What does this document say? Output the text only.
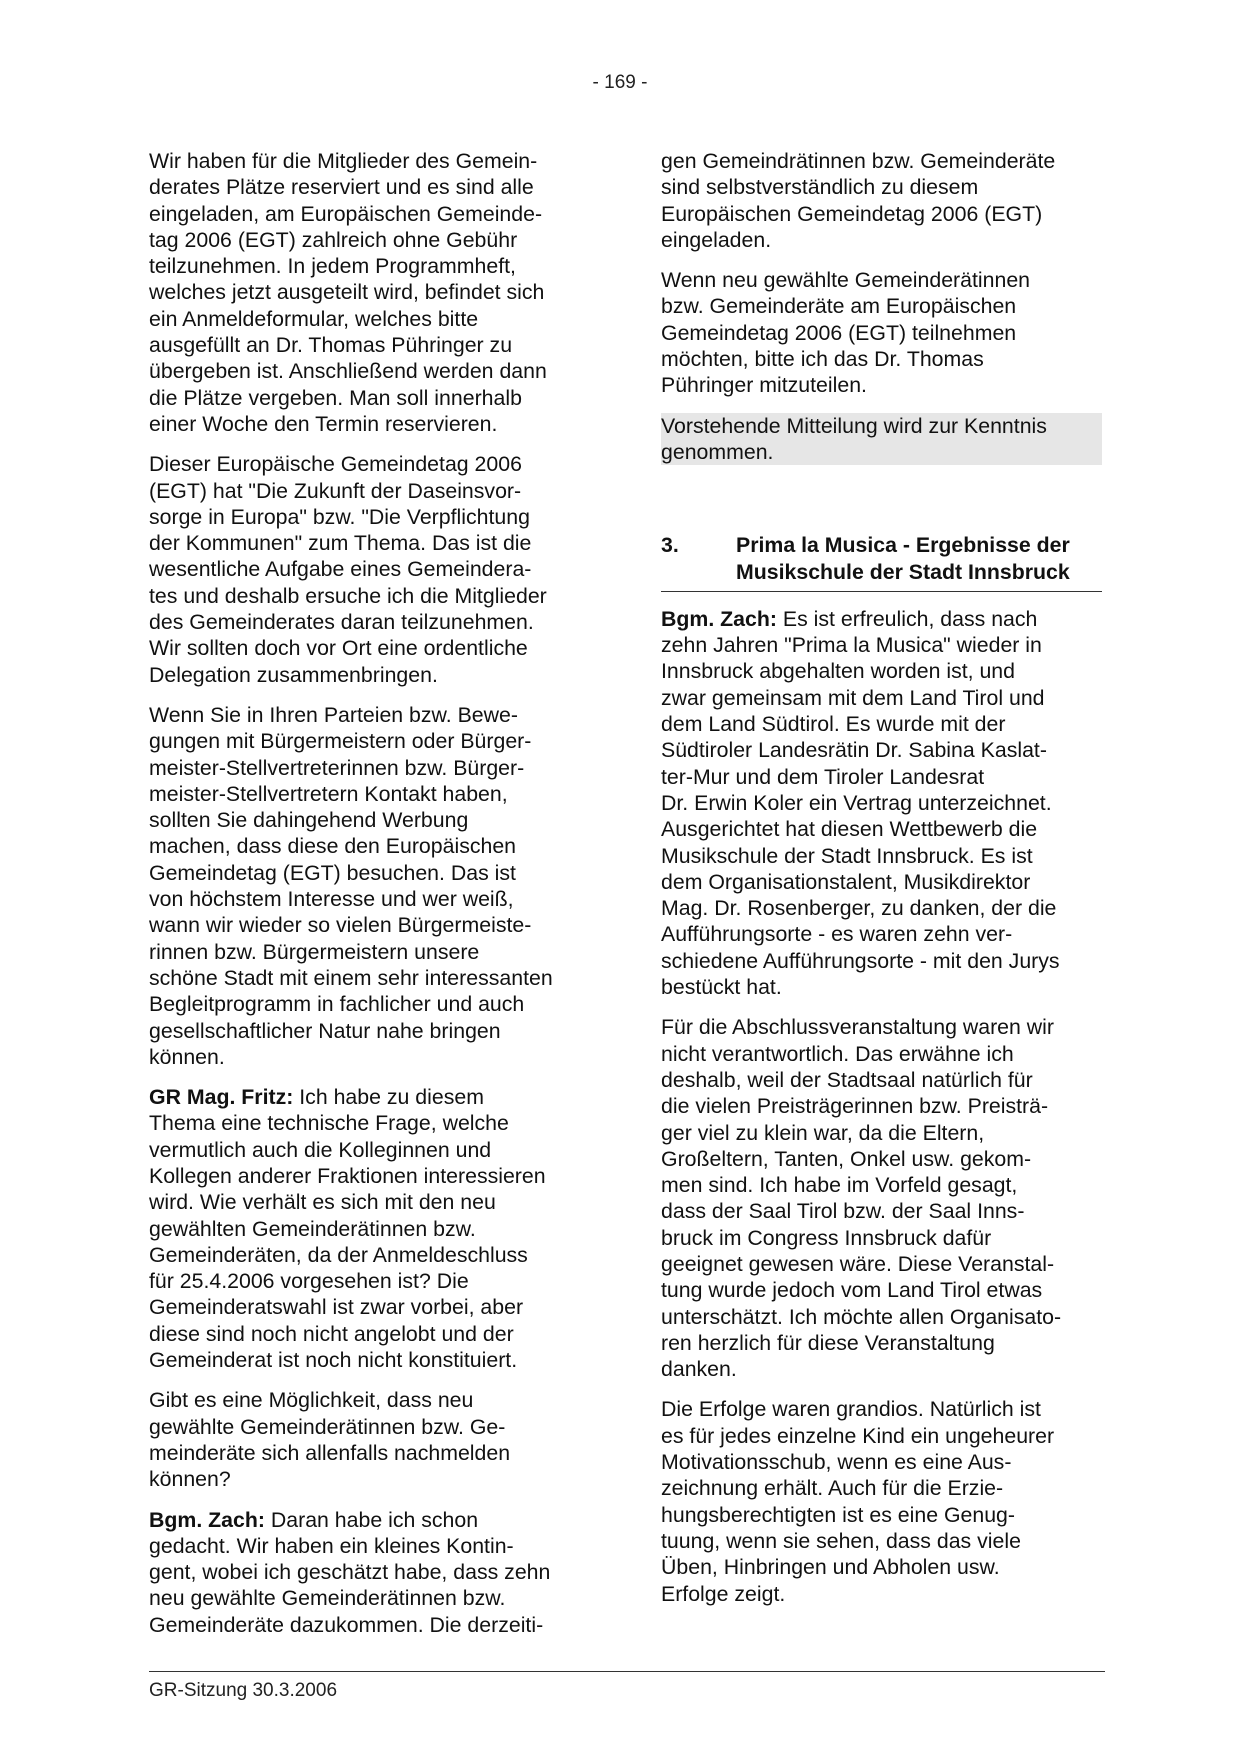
- 169 -
Wir haben für die Mitglieder des Gemein-
derates Plätze reserviert und es sind alle
eingeladen, am Europäischen Gemeinde-
tag 2006 (EGT) zahlreich ohne Gebühr
teilzunehmen. In jedem Programmheft,
welches jetzt ausgeteilt wird, befindet sich
ein Anmeldeformular, welches bitte
ausgefüllt an Dr. Thomas Pühringer zu
übergeben ist. Anschließend werden dann
die Plätze vergeben. Man soll innerhalb
einer Woche den Termin reservieren.
Dieser Europäische Gemeindetag 2006
(EGT) hat "Die Zukunft der Daseinsvor-
sorge in Europa" bzw. "Die Verpflichtung
der Kommunen" zum Thema. Das ist die
wesentliche Aufgabe eines Gemeindera-
tes und deshalb ersuche ich die Mitglieder
des Gemeinderates daran teilzunehmen.
Wir sollten doch vor Ort eine ordentliche
Delegation zusammenbringen.
Wenn Sie in Ihren Parteien bzw. Bewe-
gungen mit Bürgermeistern oder Bürger-
meister-Stellvertreterinnen bzw. Bürger-
meister-Stellvertretern Kontakt haben,
sollten Sie dahingehend Werbung
machen, dass diese den Europäischen
Gemeindetag (EGT) besuchen. Das ist
von höchstem Interesse und wer weiß,
wann wir wieder so vielen Bürgermeiste-
rinnen bzw. Bürgermeistern unsere
schöne Stadt mit einem sehr interessanten
Begleitprogramm in fachlicher und auch
gesellschaftlicher Natur nahe bringen
können.
GR Mag. Fritz: Ich habe zu diesem
Thema eine technische Frage, welche
vermutlich auch die Kolleginnen und
Kollegen anderer Fraktionen interessieren
wird. Wie verhält es sich mit den neu
gewählten Gemeinderätinnen bzw.
Gemeinderäten, da der Anmeldeschluss
für 25.4.2006 vorgesehen ist? Die
Gemeinderatswahl ist zwar vorbei, aber
diese sind noch nicht angelobt und der
Gemeinderat ist noch nicht konstituiert.
Gibt es eine Möglichkeit, dass neu
gewählte Gemeinderätinnen bzw. Ge-
meinderäte sich allenfalls nachmelden
können?
Bgm. Zach: Daran habe ich schon
gedacht. Wir haben ein kleines Kontin-
gent, wobei ich geschätzt habe, dass zehn
neu gewählte Gemeinderätinnen bzw.
Gemeinderäte dazukommen. Die derzeiti-
gen Gemeindrätinnen bzw. Gemeinderäte
sind selbstverständlich zu diesem
Europäischen Gemeindetag 2006 (EGT)
eingeladen.
Wenn neu gewählte Gemeinderätinnen
bzw. Gemeinderäte am Europäischen
Gemeindetag 2006 (EGT) teilnehmen
möchten, bitte ich das Dr. Thomas
Pühringer mitzuteilen.
Vorstehende Mitteilung wird zur Kenntnis
genommen.
3.	Prima la Musica - Ergebnisse der
Musikschule der Stadt Innsbruck
Bgm. Zach: Es ist erfreulich, dass nach
zehn Jahren "Prima la Musica" wieder in
Innsbruck abgehalten worden ist, und
zwar gemeinsam mit dem Land Tirol und
dem Land Südtirol. Es wurde mit der
Südtiroler Landesrätin Dr. Sabina Kaslat-
ter-Mur und dem Tiroler Landesrat
Dr. Erwin Koler ein Vertrag unterzeichnet.
Ausgerichtet hat diesen Wettbewerb die
Musikschule der Stadt Innsbruck. Es ist
dem Organisationstalent, Musikdirektor
Mag. Dr. Rosenberger, zu danken, der die
Aufführungsorte - es waren zehn ver-
schiedene Aufführungsorte - mit den Jurys
bestückt hat.
Für die Abschlussveranstaltung waren wir
nicht verantwortlich. Das erwähne ich
deshalb, weil der Stadtsaal natürlich für
die vielen Preisträgerinnen bzw. Preisträ-
ger viel zu klein war, da die Eltern,
Großeltern, Tanten, Onkel usw. gekom-
men sind. Ich habe im Vorfeld gesagt,
dass der Saal Tirol bzw. der Saal Inns-
bruck im Congress Innsbruck dafür
geeignet gewesen wäre. Diese Veranstal-
tung wurde jedoch vom Land Tirol etwas
unterschätzt. Ich möchte allen Organisato-
ren herzlich für diese Veranstaltung
danken.
Die Erfolge waren grandios. Natürlich ist
es für jedes einzelne Kind ein ungeheurer
Motivationsschub, wenn es eine Aus-
zeichnung erhält. Auch für die Erzie-
hungsberechtigten ist es eine Genug-
tuung, wenn sie sehen, dass das viele
Üben, Hinbringen und Abholen usw.
Erfolge zeigt.
GR-Sitzung 30.3.2006
